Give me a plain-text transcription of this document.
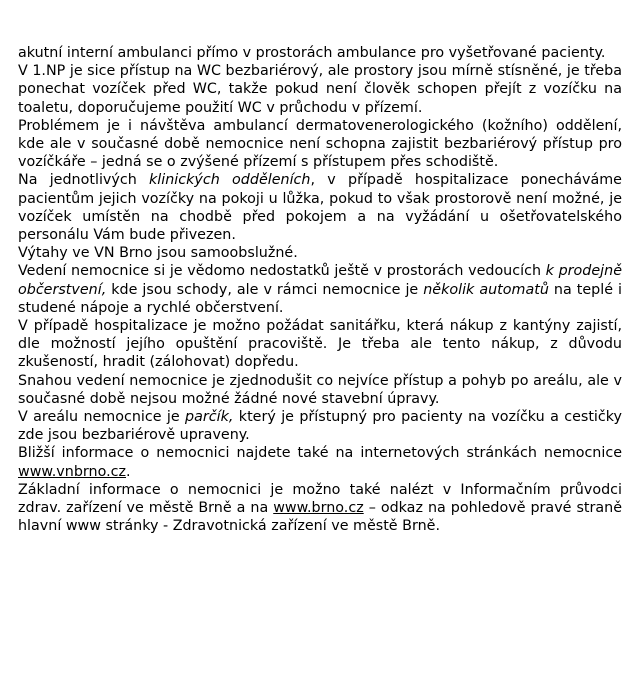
akutní interní ambulanci přímo v prostorách ambulance pro vyšetřované pacienty.

V 1.NP je sice přístup na WC bezbariérový, ale prostory jsou mírně stísněné, je třeba ponechat vozíček před WC, takže pokud není člověk schopen přejít z vozíčku na toaletu, doporučujeme použití WC v průchodu v přízemí.

Problémem je i návštěva ambulancí dermatovenerologického (kožního) oddělení, kde ale v současné době nemocnice není schopna zajistit bezbariérový přístup pro vozíčkáře – jedná se o zvýšené přízemí s přístupem přes schodiště.

Na jednotlivých klinických odděleních, v případě hospitalizace ponecháváme pacientům jejich vozíčky na pokoji u lůžka, pokud to však prostorově není možné, je vozíček umístěn na chodbě před pokojem a na vyžádání u ošetřovatelského personálu Vám bude přivezen.

Výtahy ve VN Brno jsou samoobslužné.

Vedení nemocnice si je vědomo nedostatků ještě v prostorách vedoucích k prodejně občerstvení, kde jsou schody, ale v rámci nemocnice je několik automatů na teplé i studené nápoje a rychlé občerstvení.

V případě hospitalizace je možno požádat sanitářku, která nákup z kantýny zajistí, dle možností jejího opuštění pracoviště. Je třeba ale tento nákup, z důvodu zkušeností, hradit (zálohovat) dopředu.

Snahou vedení nemocnice je zjednodušit co nejvíce přístup a pohyb po areálu, ale v současné době nejsou možné žádné nové stavební úpravy.

V areálu nemocnice je parčík, který je přístupný pro pacienty na vozíčku a cestičky zde jsou bezbariérově upraveny.

Bližší informace o nemocnici najdete také na internetových stránkách nemocnice www.vnbrno.cz.

Základní informace o nemocnici je možno také nalézt v Informačním průvodci zdrav. zařízení ve městě Brně a na www.brno.cz – odkaz na pohledově pravé straně hlavní www stránky - Zdravotnická zařízení ve městě Brně.
